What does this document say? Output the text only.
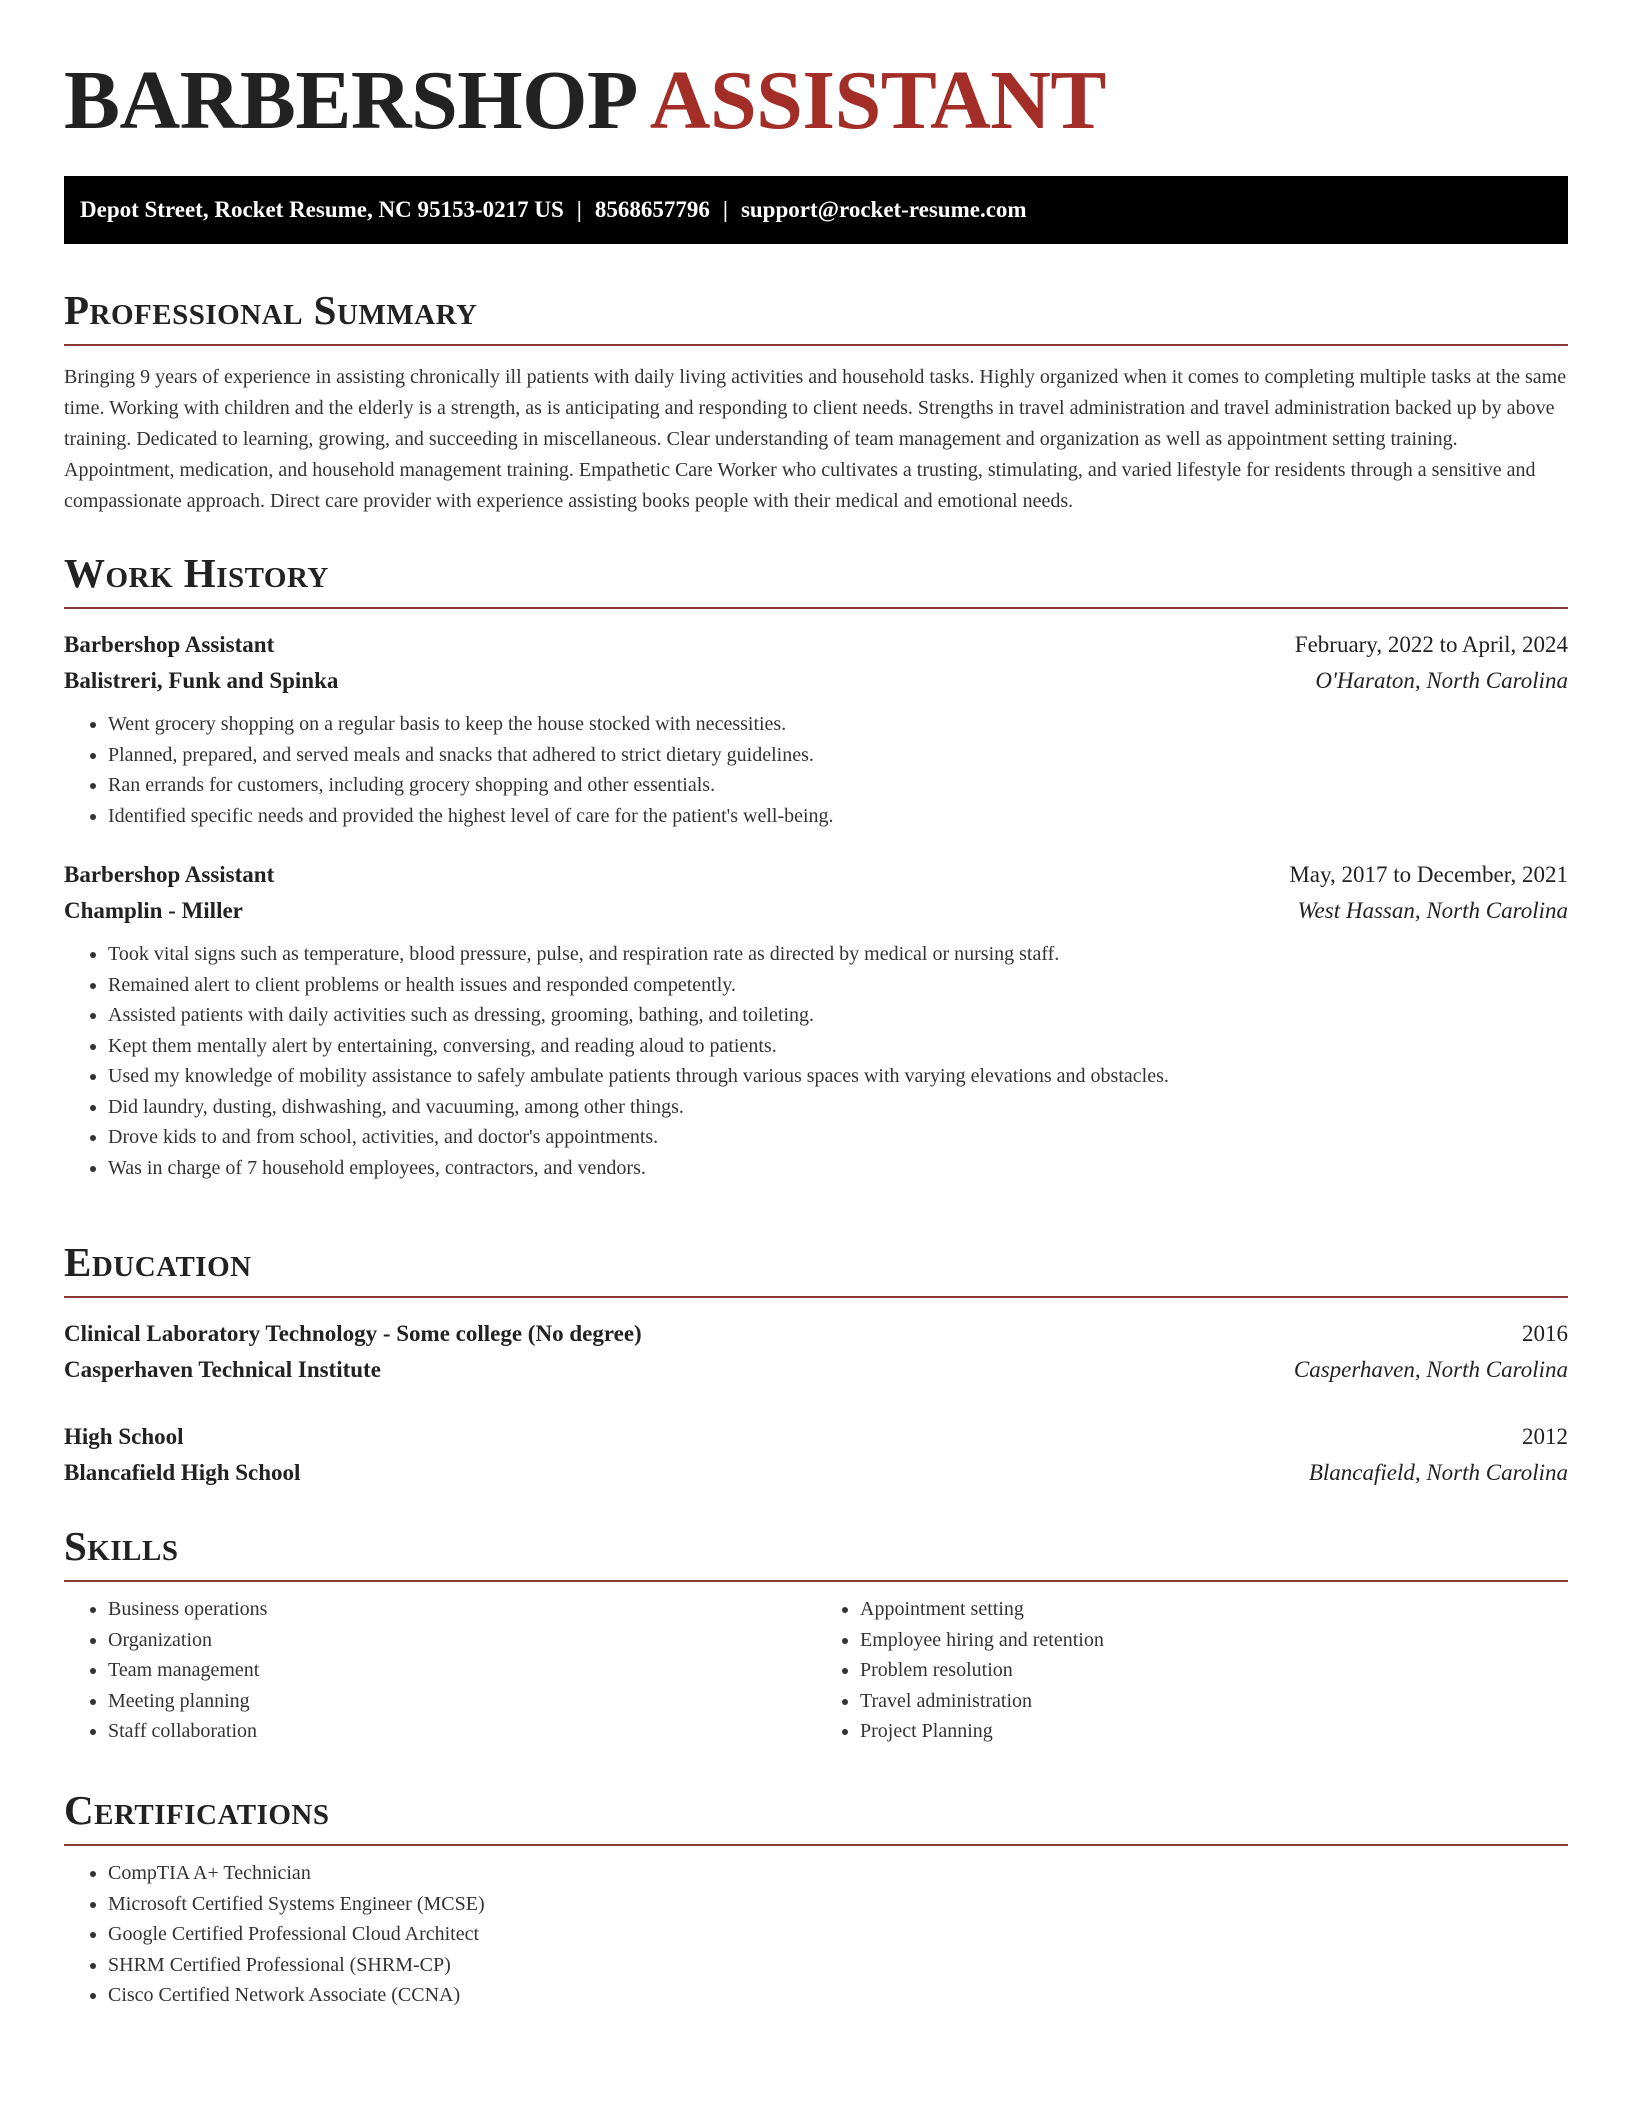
BARBERSHOP ASSISTANT
Depot Street, Rocket Resume, NC 95153-0217 US | 8568657796 | support@rocket-resume.com
Professional Summary

Bringing 9 years of experience in assisting chronically ill patients with daily living activities and household tasks. Highly organized when it comes to completing multiple tasks at the same time. Working with children and the elderly is a strength, as is anticipating and responding to client needs. Strengths in travel administration and travel administration backed up by above training. Dedicated to learning, growing, and succeeding in miscellaneous. Clear understanding of team management and organization as well as appointment setting training. Appointment, medication, and household management training. Empathetic Care Worker who cultivates a trusting, stimulating, and varied lifestyle for residents through a sensitive and compassionate approach. Direct care provider with experience assisting books people with their medical and emotional needs.

Work History
Barbershop Assistant	February, 2022 to April, 2024
Balistreri, Funk and Spinka	O'Haraton, North Carolina
• Went grocery shopping on a regular basis to keep the house stocked with necessities.
• Planned, prepared, and served meals and snacks that adhered to strict dietary guidelines.
• Ran errands for customers, including grocery shopping and other essentials.
• Identified specific needs and provided the highest level of care for the patient's well-being.
Barbershop Assistant	May, 2017 to December, 2021
Champlin - Miller	West Hassan, North Carolina
• Took vital signs such as temperature, blood pressure, pulse, and respiration rate as directed by medical or nursing staff.
• Remained alert to client problems or health issues and responded competently.
• Assisted patients with daily activities such as dressing, grooming, bathing, and toileting.
• Kept them mentally alert by entertaining, conversing, and reading aloud to patients.
• Used my knowledge of mobility assistance to safely ambulate patients through various spaces with varying elevations and obstacles.
• Did laundry, dusting, dishwashing, and vacuuming, among other things.
• Drove kids to and from school, activities, and doctor's appointments.
• Was in charge of 7 household employees, contractors, and vendors.
Education
Clinical Laboratory Technology - Some college (No degree)	2016
Casperhaven Technical Institute	Casperhaven, North Carolina
High School	2012
Blancafield High School	Blancafield, North Carolina
Skills
• Business operations
• Organization
• Team management
• Meeting planning
• Staff collaboration
• Appointment setting
• Employee hiring and retention
• Problem resolution
• Travel administration
• Project Planning
Certifications
• CompTIA A+ Technician
• Microsoft Certified Systems Engineer (MCSE)
• Google Certified Professional Cloud Architect
• SHRM Certified Professional (SHRM-CP)
• Cisco Certified Network Associate (CCNA)
